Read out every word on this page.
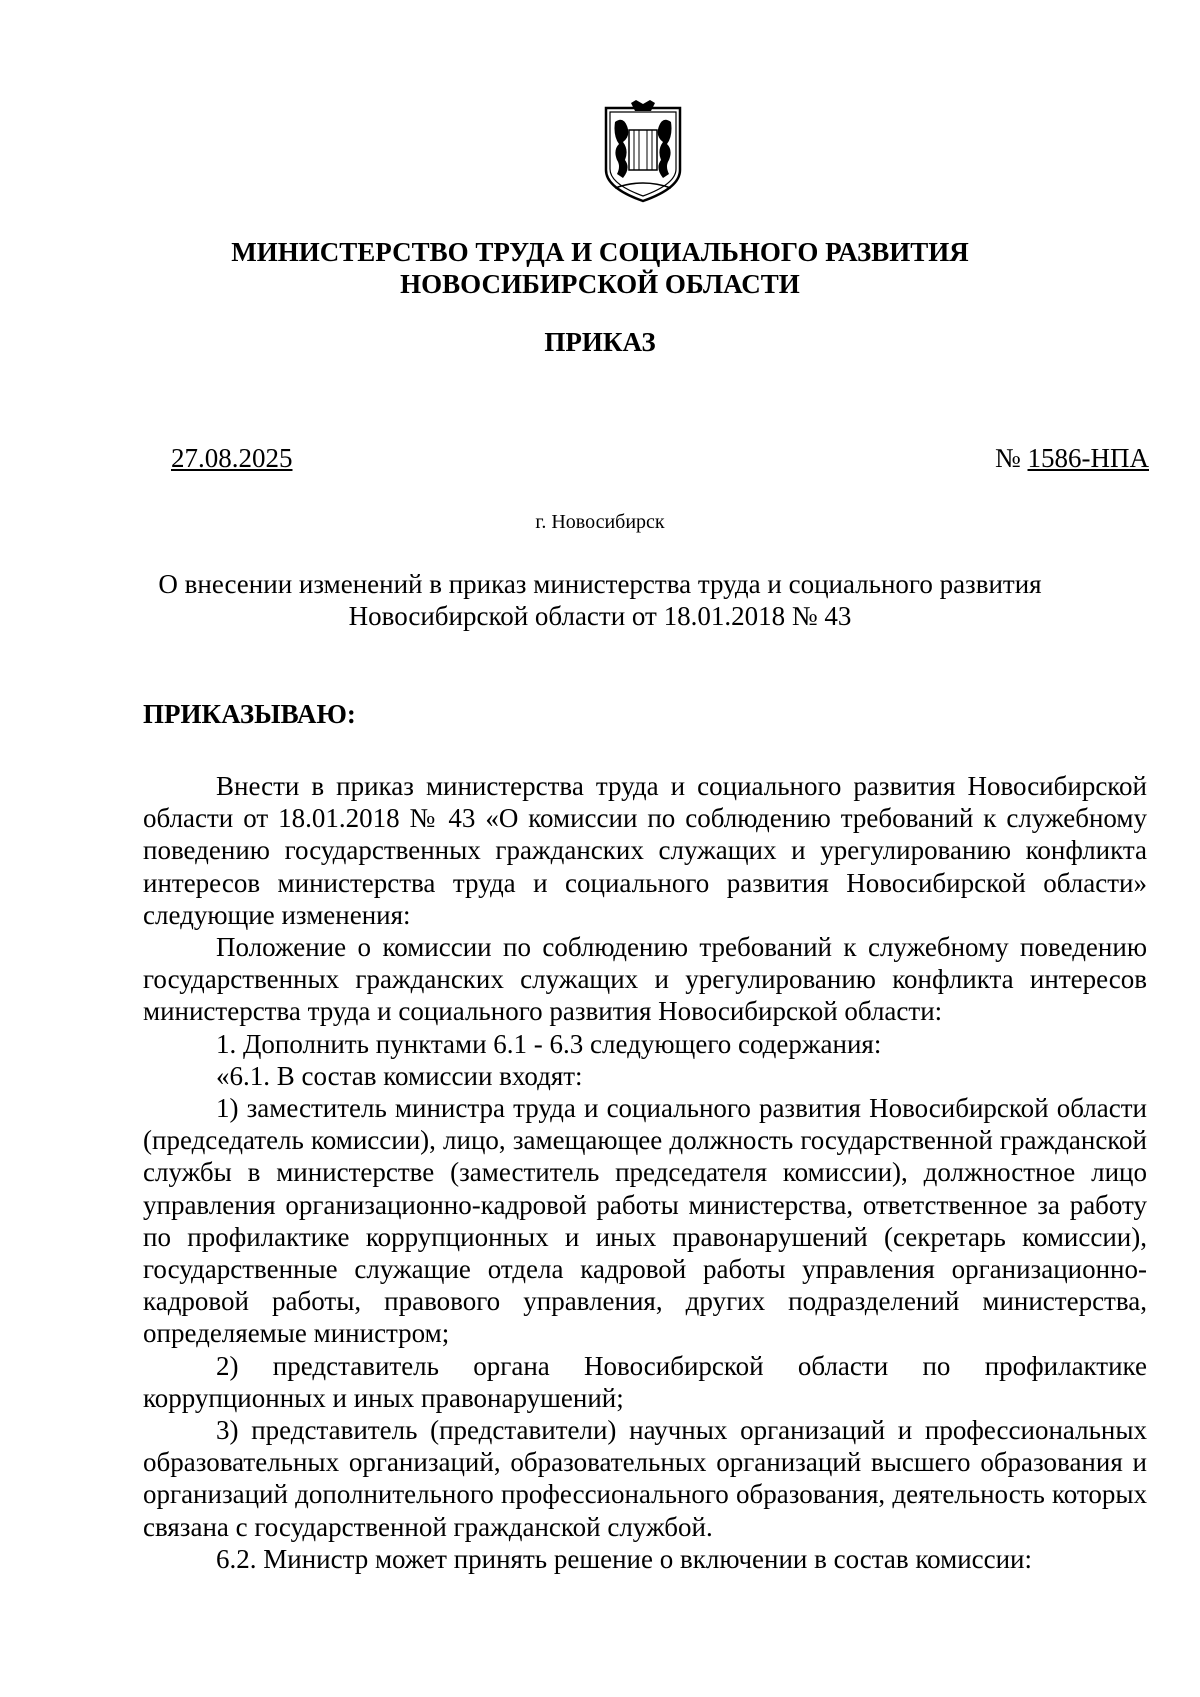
МИНИСТЕРСТВО ТРУДА И СОЦИАЛЬНОГО РАЗВИТИЯ
НОВОСИБИРСКОЙ ОБЛАСТИ
ПРИКАЗ
27.08.2025	№ 1586-НПА
г. Новосибирск
О внесении изменений в приказ министерства труда и социального развития
Новосибирской области от 18.01.2018 № 43
ПРИКАЗЫВАЮ:

Внести в приказ министерства труда и социального развития Новосибирской области от 18.01.2018 № 43 «О комиссии по соблюдению требований к служебному поведению государственных гражданских служащих и урегулированию конфликта интересов министерства труда и социального развития Новосибирской области» следующие изменения:

Положение о комиссии по соблюдению требований к служебному поведению государственных гражданских служащих и урегулированию конфликта интересов министерства труда и социального развития Новосибирской области:

1. Дополнить пунктами 6.1 - 6.3 следующего содержания:

«6.1. В состав комиссии входят:

1) заместитель министра труда и социального развития Новосибирской области (председатель комиссии), лицо, замещающее должность государственной гражданской службы в министерстве (заместитель председателя комиссии), должностное лицо управления организационно-кадровой работы министерства, ответственное за работу по профилактике коррупционных и иных правонарушений (секретарь комиссии), государственные служащие отдела кадровой работы управления организационно-кадровой работы, правового управления, других подразделений министерства, определяемые министром;

2) представитель органа Новосибирской области по профилактике коррупционных и иных правонарушений;

3) представитель (представители) научных организаций и профессиональных образовательных организаций, образовательных организаций высшего образования и организаций дополнительного профессионального образования, деятельность которых связана с государственной гражданской службой.

6.2. Министр может принять решение о включении в состав комиссии:
